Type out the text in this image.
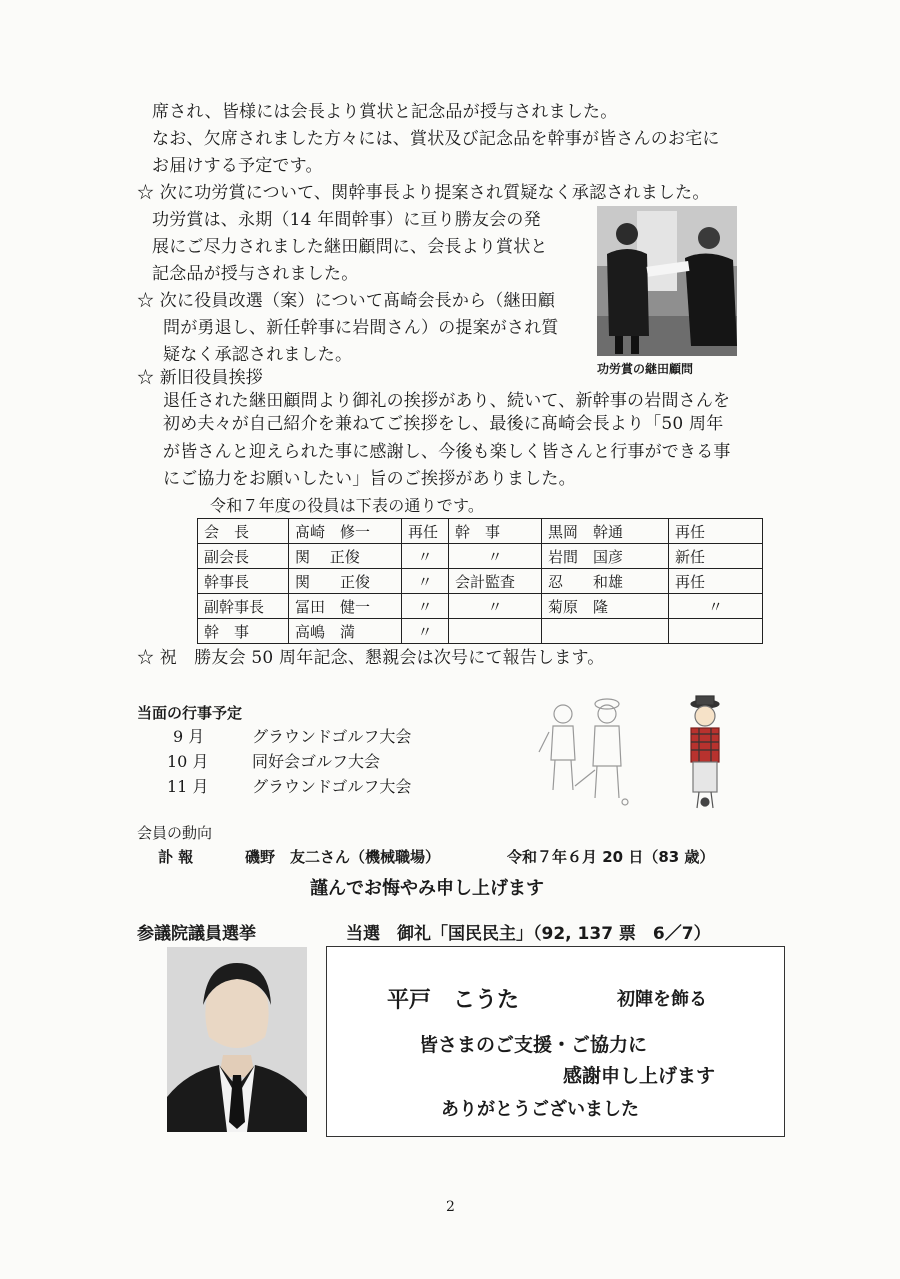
席され、皆様には会長より賞状と記念品が授与されました。
なお、欠席されました方々には、賞状及び記念品を幹事が皆さんのお宅に
お届けする予定です。
☆ 次に功労賞について、関幹事長より提案され質疑なく承認されました。
功労賞は、永期（14 年間幹事）に亘り勝友会の発
展にご尽力されました継田顧問に、会長より賞状と
記念品が授与されました。
☆ 次に役員改選（案）について髙崎会長から（継田顧
問が勇退し、新任幹事に岩間さん）の提案がされ質
疑なく承認されました。
功労賞の継田顧問
☆ 新旧役員挨拶
退任された継田顧問より御礼の挨拶があり、続いて、新幹事の岩間さんを
初め夫々が自己紹介を兼ねてご挨拶をし、最後に髙崎会長より「50 周年
が皆さんと迎えられた事に感謝し、今後も楽しく皆さんと行事ができる事
にご協力をお願いしたい」旨のご挨拶がありました。
令和７年度の役員は下表の通りです。
会　長	髙崎　修一	再任	幹　事	黒岡　幹通	再任
副会長	関　 正俊	〃	〃	岩間　国彦	新任
幹事長	関　　正俊	〃	会計監査	忍　　和雄	再任
副幹事長	冨田　健一	〃	〃	菊原　隆	〃
幹　事	高嶋　満	〃			
☆ 祝　勝友会 50 周年記念、懇親会は次号にて報告します。
当面の行事予定
9 月	グラウンドゴルフ大会
10 月	同好会ゴルフ大会
11 月	グラウンドゴルフ大会
会員の動向
訃 報	磯野　友二さん（機械職場）	令和７年６月 20 日（83 歳）
謹んでお悔やみ申し上げます
参議院議員選挙	当選　御礼「国民民主」（92, 137 票　6／7）
平戸　こうた	初陣を飾る
皆さまのご支援・ご協力に
感謝申し上げます
ありがとうございました
2
